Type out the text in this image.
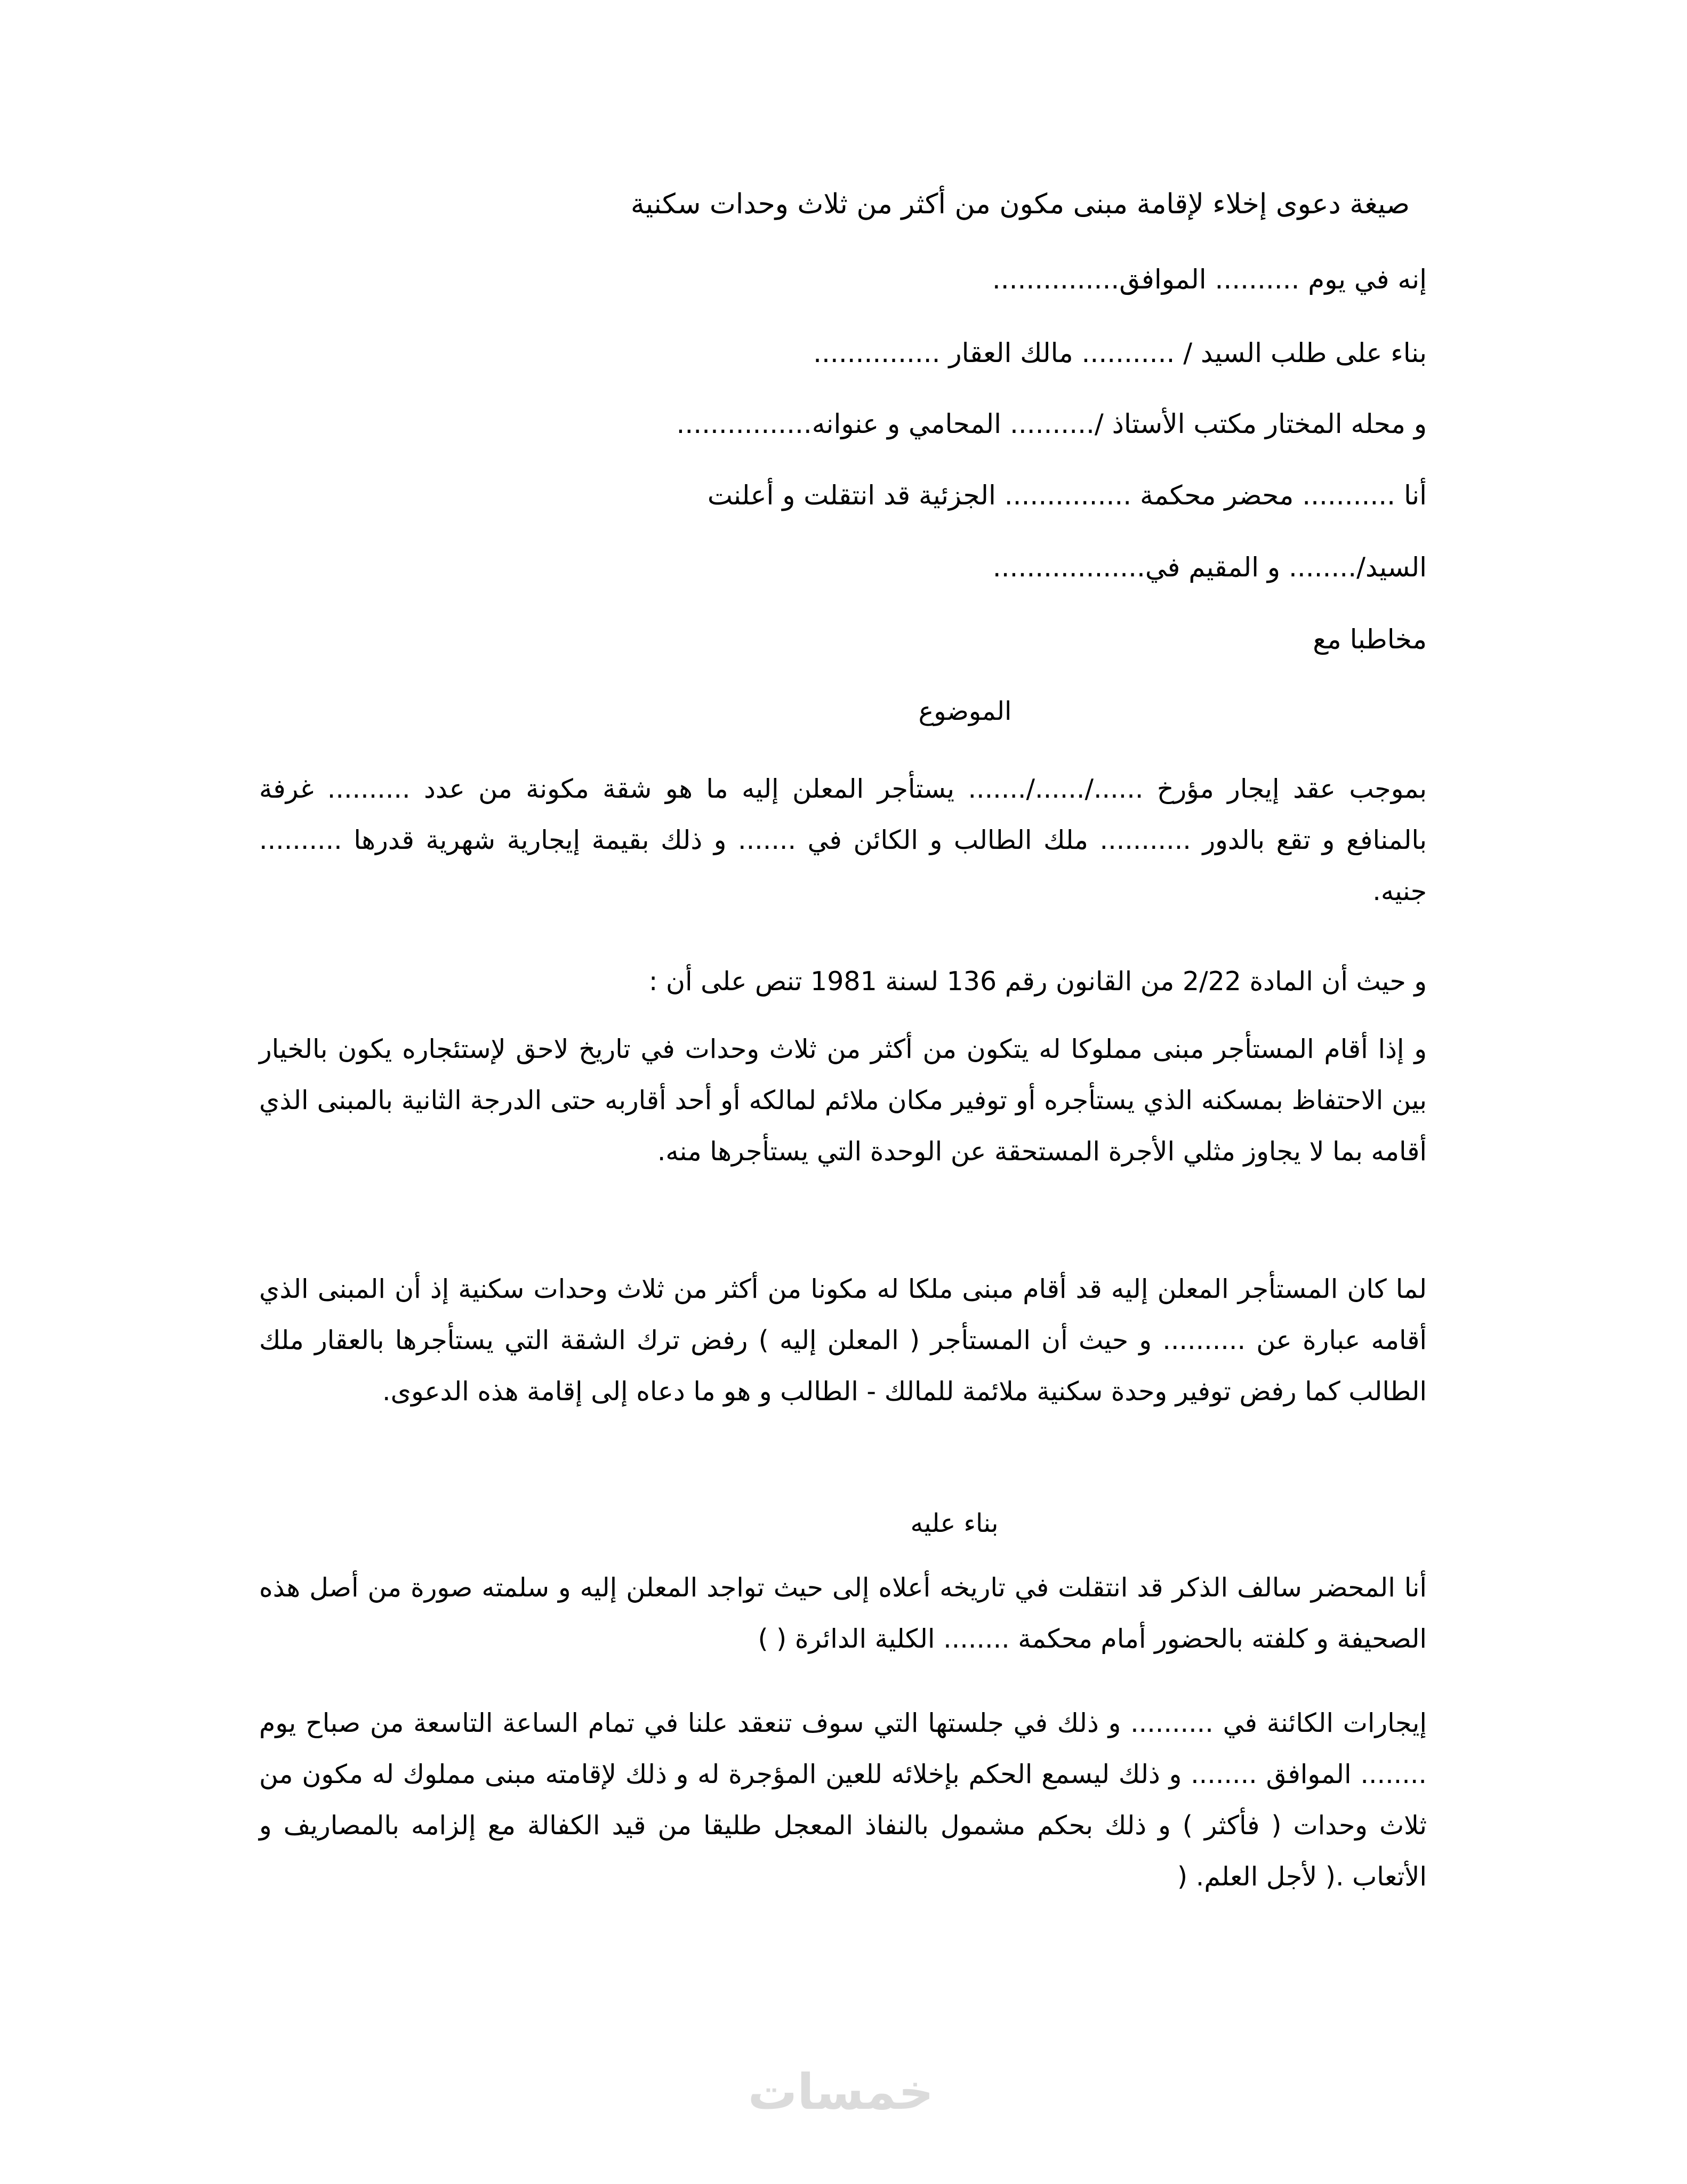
صيغة دعوى إخلاء لإقامة مبنى مكون من أكثر من ثلاث وحدات سكنية
إنه في يوم .......... الموافق...............
بناء على طلب السيد / ........... مالك العقار ...............
و محله المختار مكتب الأستاذ /.......... المحامي و عنوانه................
أنا ........... محضر محكمة ............... الجزئية قد انتقلت و أعلنت
السيد/........ و المقيم في..................
مخاطبا مع
الموضوع
بموجب عقد إيجار مؤرخ ....../....../....... يستأجر المعلن إليه ما هو شقة مكونة من عدد .......... غرفة بالمنافع و تقع بالدور ........... ملك الطالب و الكائن في ....... و ذلك بقيمة إيجارية شهرية قدرها .......... جنيه.
و حيث أن المادة 2/22 من القانون رقم 136 لسنة 1981 تنص على أن :
و إذا أقام المستأجر مبنى مملوكا له يتكون من أكثر من ثلاث وحدات في تاريخ لاحق لإستئجاره يكون بالخيار بين الاحتفاظ بمسكنه الذي يستأجره أو توفير مكان ملائم لمالكه أو أحد أقاربه حتى الدرجة الثانية بالمبنى الذي أقامه بما لا يجاوز مثلي الأجرة المستحقة عن الوحدة التي يستأجرها منه.
لما كان المستأجر المعلن إليه قد أقام مبنى ملكا له مكونا من أكثر من ثلاث وحدات سكنية إذ أن المبنى الذي أقامه عبارة عن .......... و حيث أن المستأجر ( المعلن إليه ) رفض ترك الشقة التي يستأجرها بالعقار ملك الطالب كما رفض توفير وحدة سكنية ملائمة للمالك - الطالب و هو ما دعاه إلى إقامة هذه الدعوى.
بناء عليه
أنا المحضر سالف الذكر قد انتقلت في تاريخه أعلاه إلى حيث تواجد المعلن إليه و سلمته صورة من أصل هذه الصحيفة و كلفته بالحضور أمام محكمة ........ الكلية الدائرة ( )
إيجارات الكائنة في .......... و ذلك في جلستها التي سوف تنعقد علنا في تمام الساعة التاسعة من صباح يوم ........ الموافق ........ و ذلك ليسمع الحكم بإخلائه للعين المؤجرة له و ذلك لإقامته مبنى مملوك له مكون من ثلاث وحدات ( فأكثر ) و ذلك بحكم مشمول بالنفاذ المعجل طليقا من قيد الكفالة مع إلزامه بالمصاريف و الأتعاب .( لأجل العلم. (
خمسات
